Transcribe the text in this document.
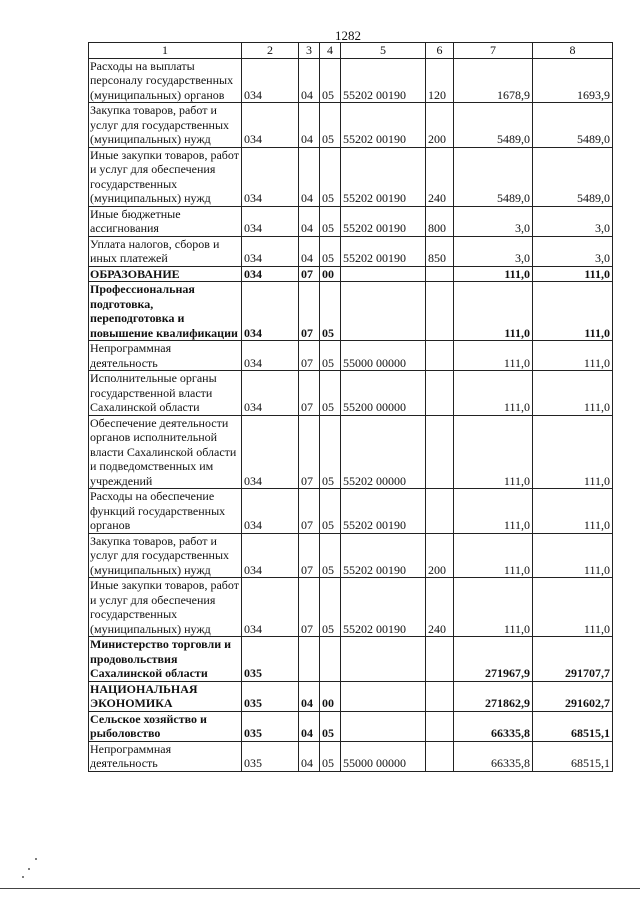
1282
1	2	3	4	5	6	7	8
Расходы на выплаты персоналу государственных (муниципальных) органов	034	04	05	55202 00190	120	1678,9	1693,9
Закупка товаров, работ и услуг для государственных (муниципальных) нужд	034	04	05	55202 00190	200	5489,0	5489,0
Иные закупки товаров, работ и услуг для обеспечения государственных (муниципальных) нужд	034	04	05	55202 00190	240	5489,0	5489,0
Иные бюджетные ассигнования	034	04	05	55202 00190	800	3,0	3,0
Уплата налогов, сборов и иных платежей	034	04	05	55202 00190	850	3,0	3,0
ОБРАЗОВАНИЕ	034	07	00			111,0	111,0
Профессиональная подготовка, переподготовка и повышение квалификации	034	07	05			111,0	111,0
Непрограммная деятельность	034	07	05	55000 00000		111,0	111,0
Исполнительные органы государственной власти Сахалинской области	034	07	05	55200 00000		111,0	111,0
Обеспечение деятельности органов исполнительной власти Сахалинской области и подведомственных им учреждений	034	07	05	55202 00000		111,0	111,0
Расходы на обеспечение функций государственных органов	034	07	05	55202 00190		111,0	111,0
Закупка товаров, работ и услуг для государственных (муниципальных) нужд	034	07	05	55202 00190	200	111,0	111,0
Иные закупки товаров, работ и услуг для обеспечения государственных (муниципальных) нужд	034	07	05	55202 00190	240	111,0	111,0
Министерство торговли и продовольствия Сахалинской области	035					271967,9	291707,7
НАЦИОНАЛЬНАЯ ЭКОНОМИКА	035	04	00			271862,9	291602,7
Сельское хозяйство и рыболовство	035	04	05			66335,8	68515,1
Непрограммная деятельность	035	04	05	55000 00000		66335,8	68515,1
